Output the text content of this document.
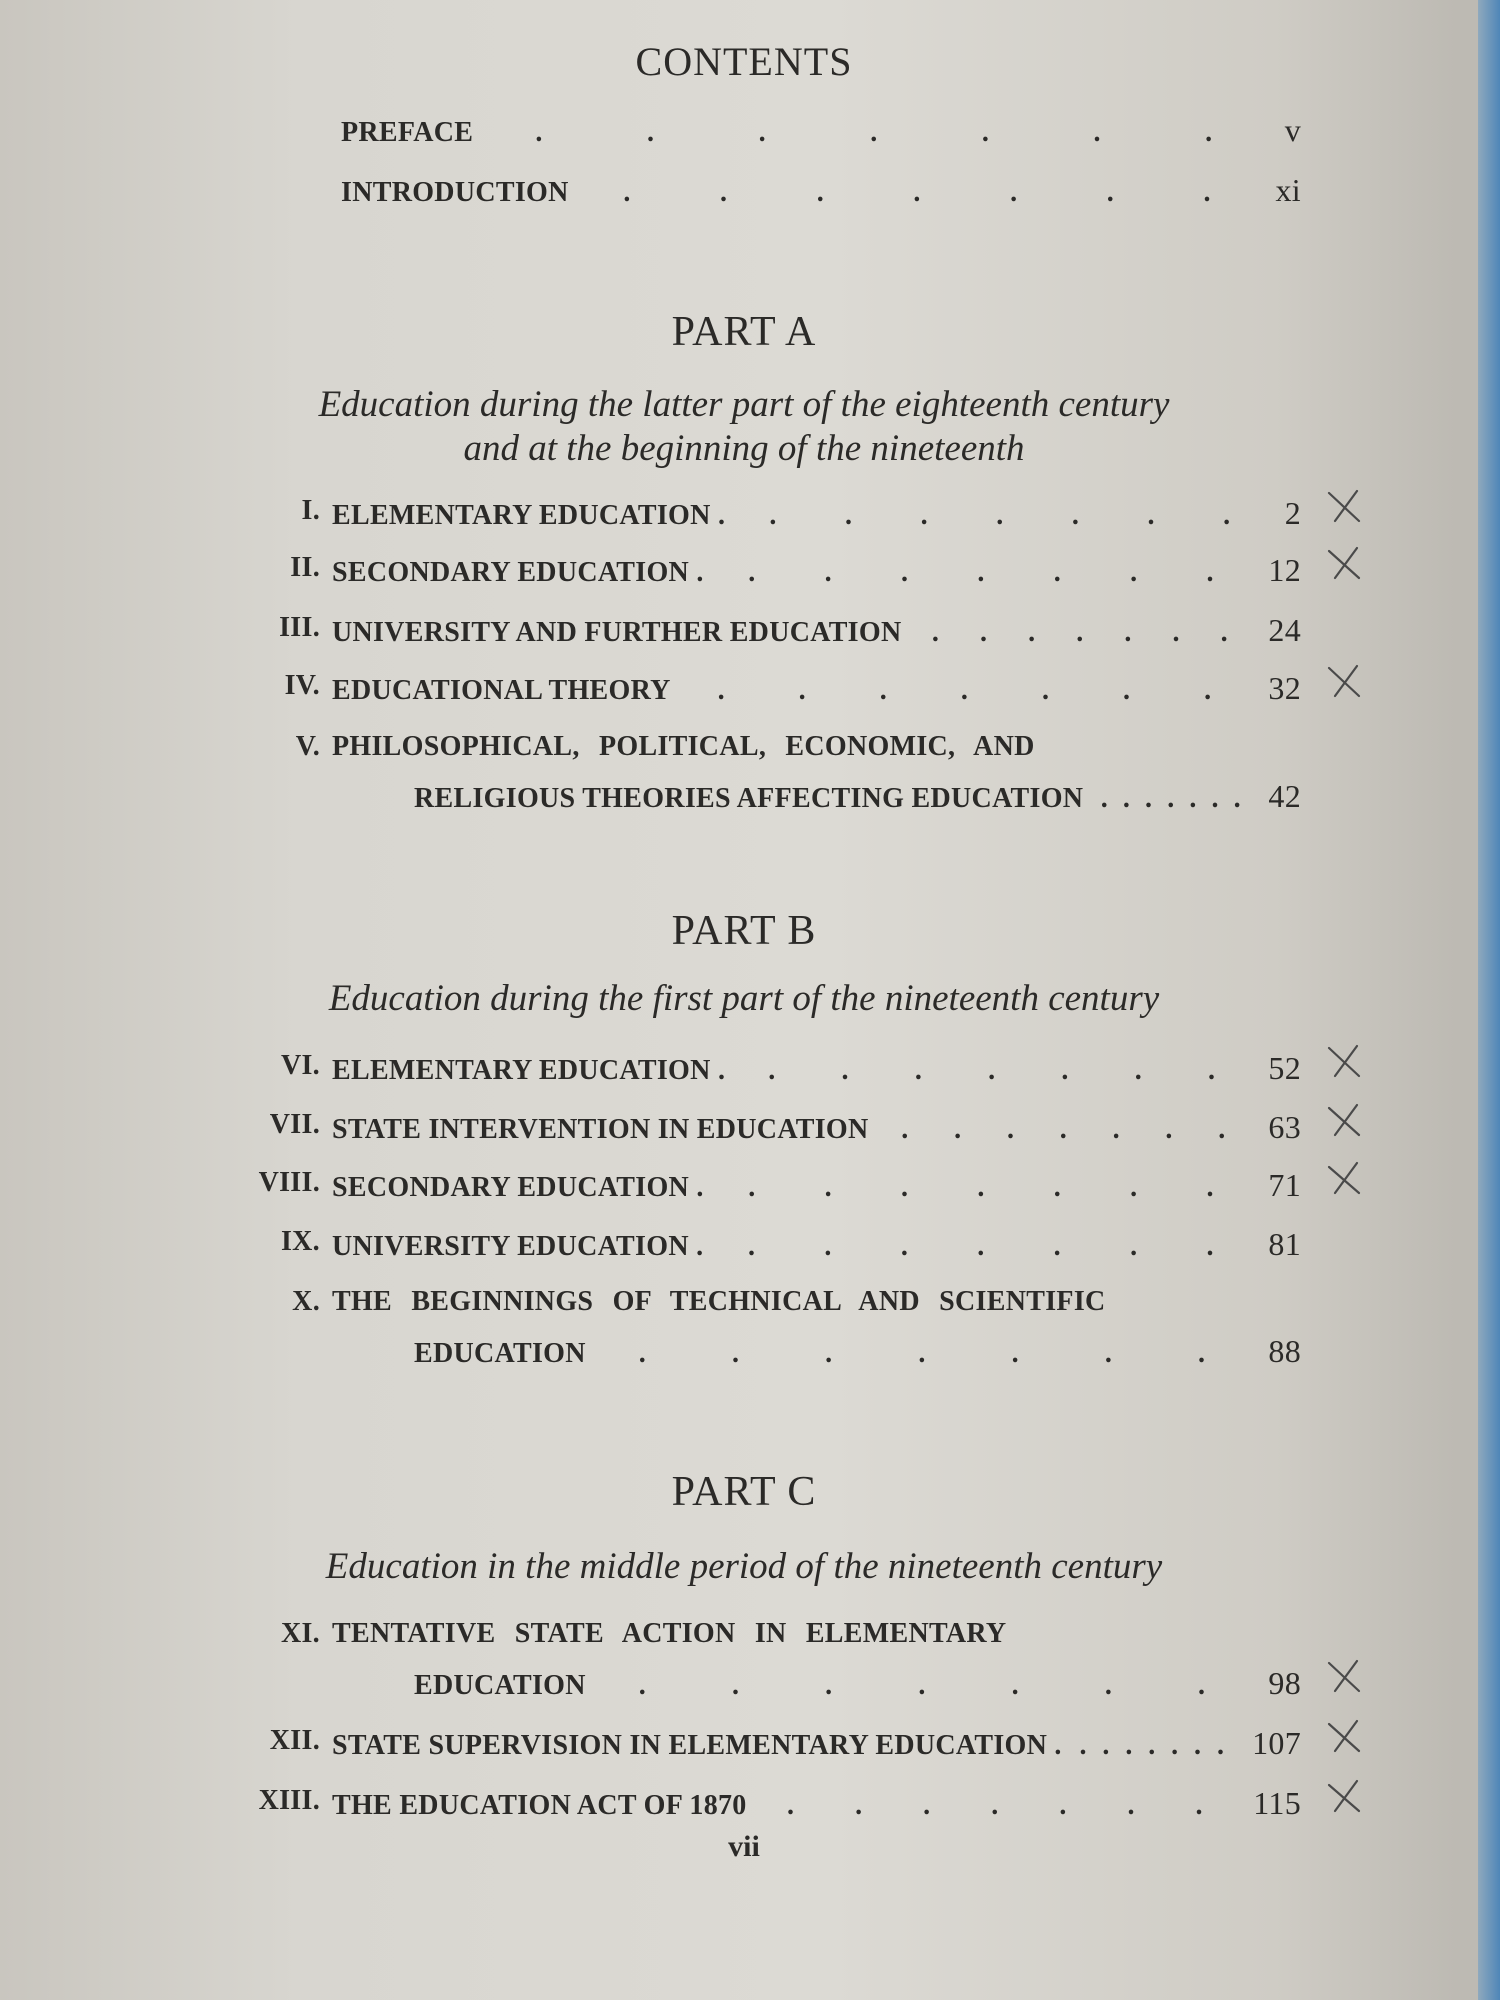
CONTENTS
PREFACE .	.	.	.	.	.	. v
INTRODUCTION .	.	.	.	.	.	. xi
PART A
Education during the latter part of the eighteenth century
and at the beginning of the nineteenth
I. ELEMENTARY EDUCATION . . . . . . . . 2
II. SECONDARY EDUCATION . . . . . . . . 12
III. UNIVERSITY AND FURTHER EDUCATION . . . . . . . 24
IV. EDUCATIONAL THEORY .	.	.	.	.	.	. 32
V. PHILOSOPHICAL, POLITICAL, ECONOMIC, AND
RELIGIOUS THEORIES AFFECTING EDUCATION . . . . . . . 42
PART B
Education during the first part of the nineteenth century
VI. ELEMENTARY EDUCATION . . . . . . . . 52
VII. STATE INTERVENTION IN EDUCATION . . . . . . . 63
VIII. SECONDARY EDUCATION . . . . . . . . 71
IX. UNIVERSITY EDUCATION . . . . . . . . 81
X. THE BEGINNINGS OF TECHNICAL AND SCIENTIFIC
EDUCATION .	.	.	.	.	.	. 88
PART C
Education in the middle period of the nineteenth century
XI. TENTATIVE STATE ACTION IN ELEMENTARY
EDUCATION .	.	.	.	.	.	. 98
XII. STATE SUPERVISION IN ELEMENTARY EDUCATION . . . . . . . . 107
XIII. THE EDUCATION ACT OF 1870 . . . . . . . 115
vii
